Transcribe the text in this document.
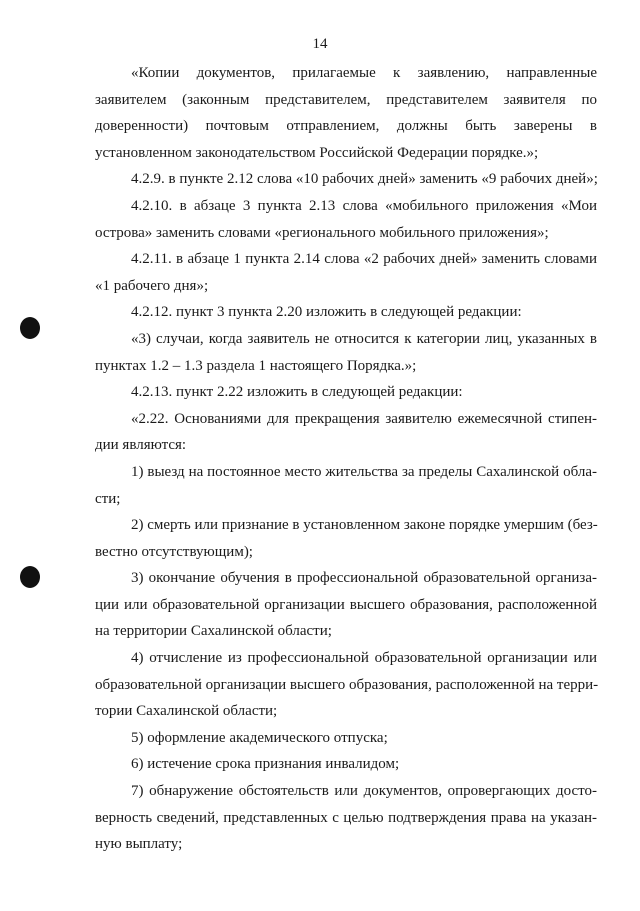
14
«Копии документов, прилагаемые к заявлению, направленные
заявителем (законным представителем, представителем заявителя по
доверенности) почтовым отправлением, должны быть заверены в
установленном законодательством Российской Федерации порядке.»;
4.2.9. в пункте 2.12 слова «10 рабочих дней» заменить «9 рабочих дней»;
4.2.10. в абзаце 3 пункта 2.13 слова «мобильного приложения «Мои
острова» заменить словами «регионального мобильного приложения»;
4.2.11. в абзаце 1 пункта 2.14 слова «2 рабочих дней» заменить словами
«1 рабочего дня»;
4.2.12. пункт 3 пункта 2.20 изложить в следующей редакции:
«3) случаи, когда заявитель не относится к категории лиц, указанных в
пунктах 1.2 – 1.3 раздела 1 настоящего Порядка.»;
4.2.13. пункт 2.22 изложить в следующей редакции:
«2.22. Основаниями для прекращения заявителю ежемесячной стипен-
дии являются:
1) выезд на постоянное место жительства за пределы Сахалинской обла-
сти;
2) смерть или признание в установленном законе порядке умершим (без-
вестно отсутствующим);
3) окончание обучения в профессиональной образовательной организа-
ции или образовательной организации высшего образования, расположенной
на территории Сахалинской области;
4) отчисление из профессиональной образовательной организации или
образовательной организации высшего образования, расположенной на терри-
тории Сахалинской области;
5) оформление академического отпуска;
6) истечение срока признания инвалидом;
7) обнаружение обстоятельств или документов, опровергающих досто-
верность сведений, представленных с целью подтверждения права на указан-
ную выплату;
